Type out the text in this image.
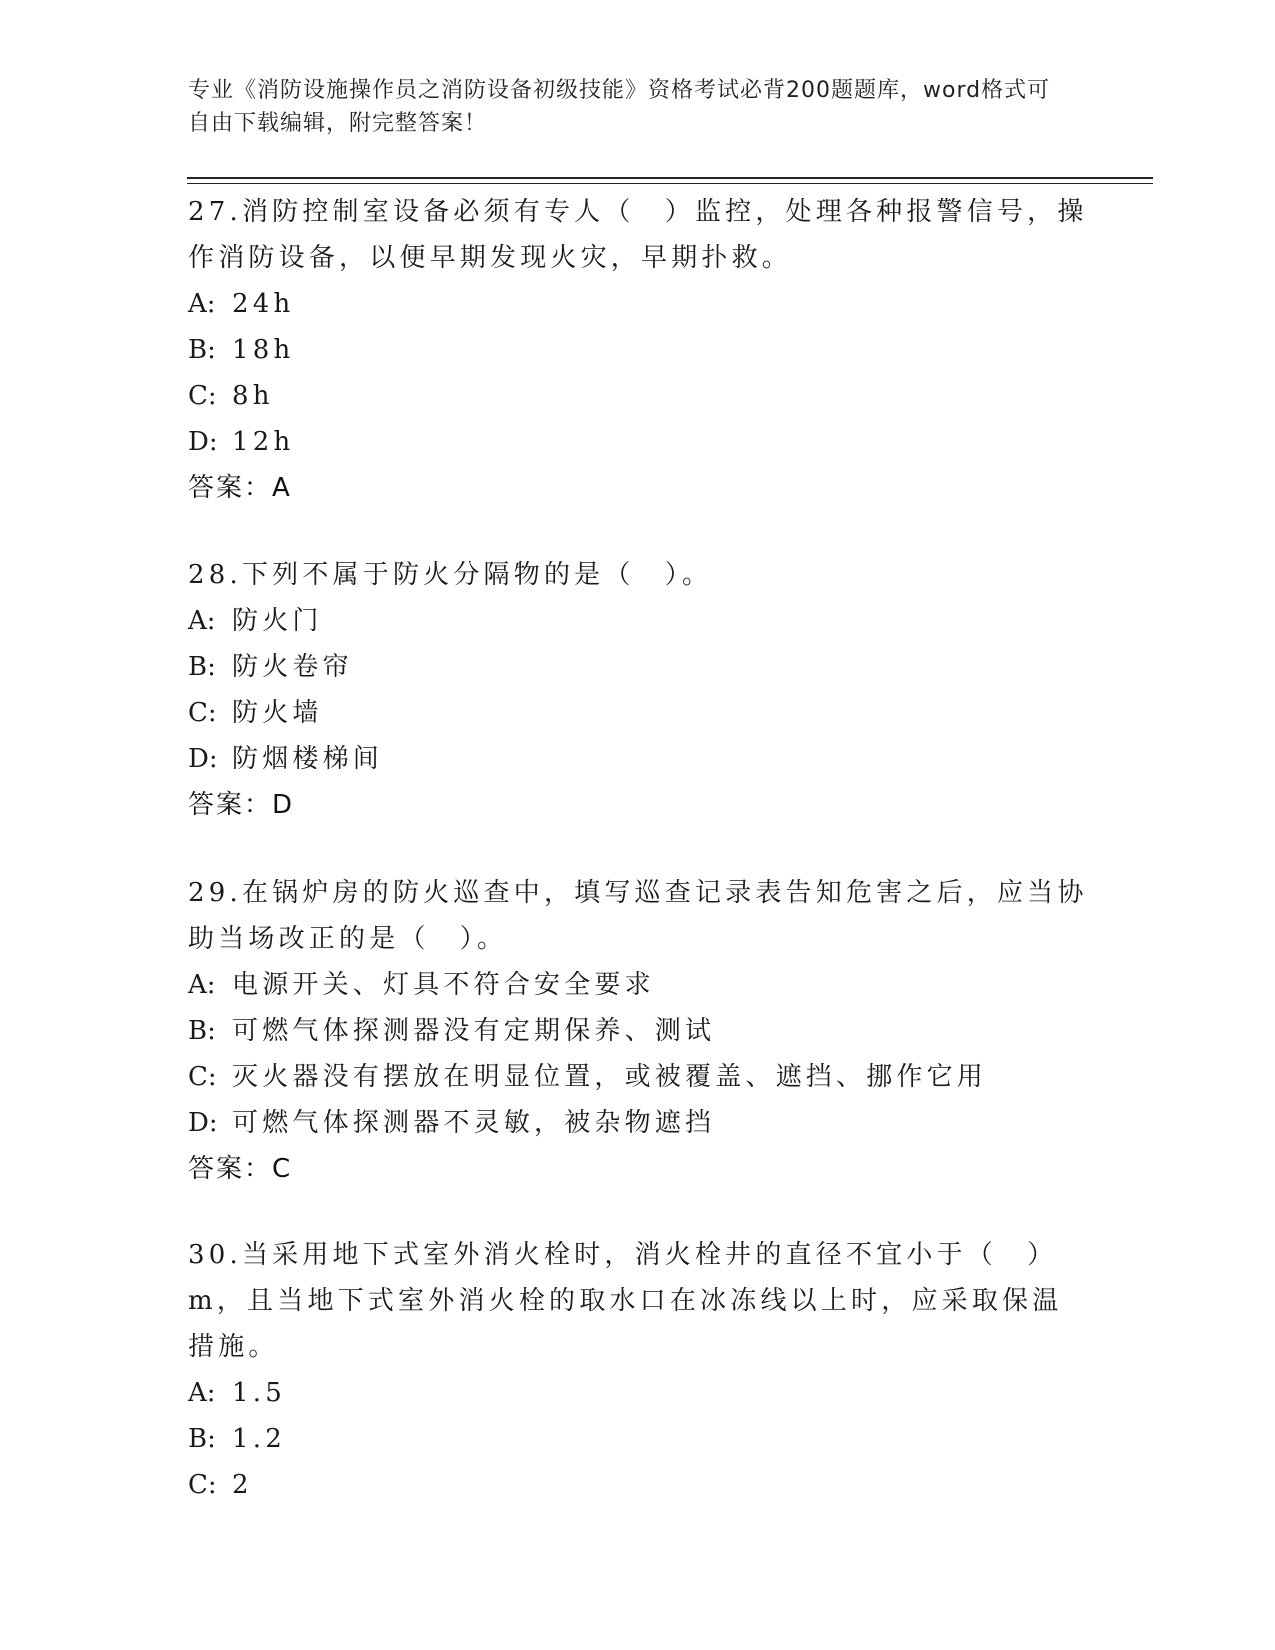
专业《消防设施操作员之消防设备初级技能》资格考试必背200题题库，word格式可自由下载编辑，附完整答案！

27.消防控制室设备必须有专人（　）监控，处理各种报警信号，操作消防设备，以便早期发现火灾，早期扑救。

A: 24h

B: 18h

C: 8h

D: 12h

答案：A

28.下列不属于防火分隔物的是（　）。

A: 防火门

B: 防火卷帘

C: 防火墙

D: 防烟楼梯间

答案：D

29.在锅炉房的防火巡查中，填写巡查记录表告知危害之后，应当协助当场改正的是（　）。

A: 电源开关、灯具不符合安全要求

B: 可燃气体探测器没有定期保养、测试

C: 灭火器没有摆放在明显位置，或被覆盖、遮挡、挪作它用

D: 可燃气体探测器不灵敏，被杂物遮挡

答案：C

30.当采用地下式室外消火栓时，消火栓井的直径不宜小于（　）m，且当地下式室外消火栓的取水口在冰冻线以上时，应采取保温措施。

A: 1.5

B: 1.2

C: 2
